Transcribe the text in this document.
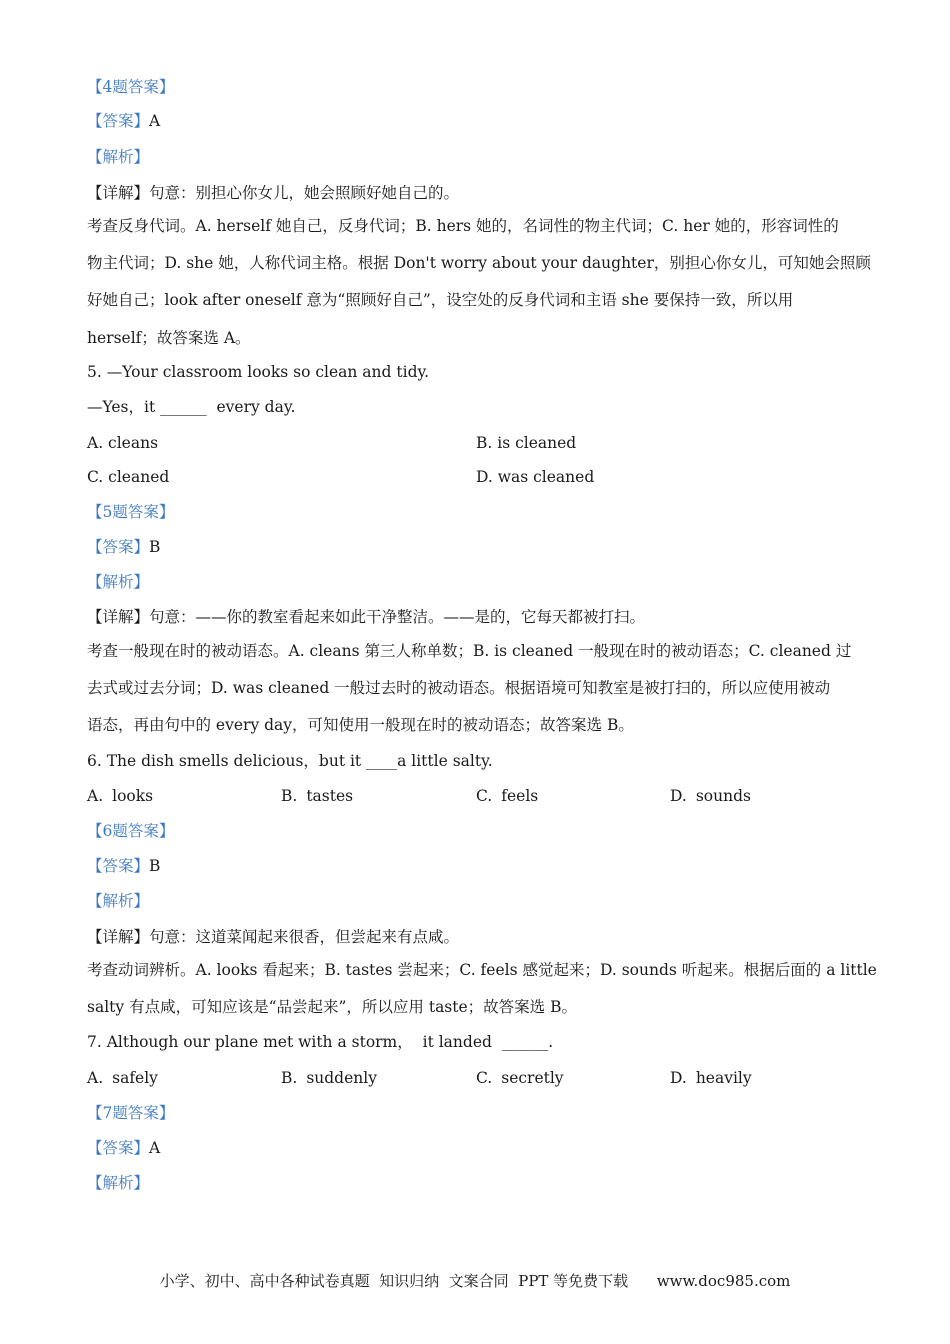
【4题答案】
【答案】A
【解析】
【详解】句意：别担心你女儿，她会照顾好她自己的。
考查反身代词。A. herself 她自己，反身代词；B. hers 她的，名词性的物主代词；C. her 她的，形容词性的
物主代词；D. she 她，人称代词主格。根据 Don't worry about your daughter，别担心你女儿，可知她会照顾
好她自己；look after oneself 意为“照顾好自己”，设空处的反身代词和主语 she 要保持一致，所以用
herself；故答案选 A。
5. —Your classroom looks so clean and tidy.
—Yes，it ______  every day.
A. cleans	B. is cleaned
C. cleaned	D. was cleaned
【5题答案】
【答案】B
【解析】
【详解】句意：——你的教室看起来如此干净整洁。——是的，它每天都被打扫。
考查一般现在时的被动语态。A. cleans 第三人称单数；B. is cleaned 一般现在时的被动语态；C. cleaned 过
去式或过去分词；D. was cleaned 一般过去时的被动语态。根据语境可知教室是被打扫的，所以应使用被动
语态，再由句中的 every day，可知使用一般现在时的被动语态；故答案选 B。
6. The dish smells delicious，but it ____a little salty.
A. looks	B. tastes	C. feels	D. sounds
【6题答案】
【答案】B
【解析】
【详解】句意：这道菜闻起来很香，但尝起来有点咸。
考查动词辨析。A. looks 看起来；B. tastes 尝起来；C. feels 感觉起来；D. sounds 听起来。根据后面的 a little
salty 有点咸，可知应该是“品尝起来”，所以应用 taste；故答案选 B。
7. Although our plane met with a storm，  it landed  ______.
A. safely	B. suddenly	C. secretly	D. heavily
【7题答案】
【答案】A
【解析】
小学、初中、高中各种试卷真题  知识归纳  文案合同  PPT 等免费下载      www.doc985.com
